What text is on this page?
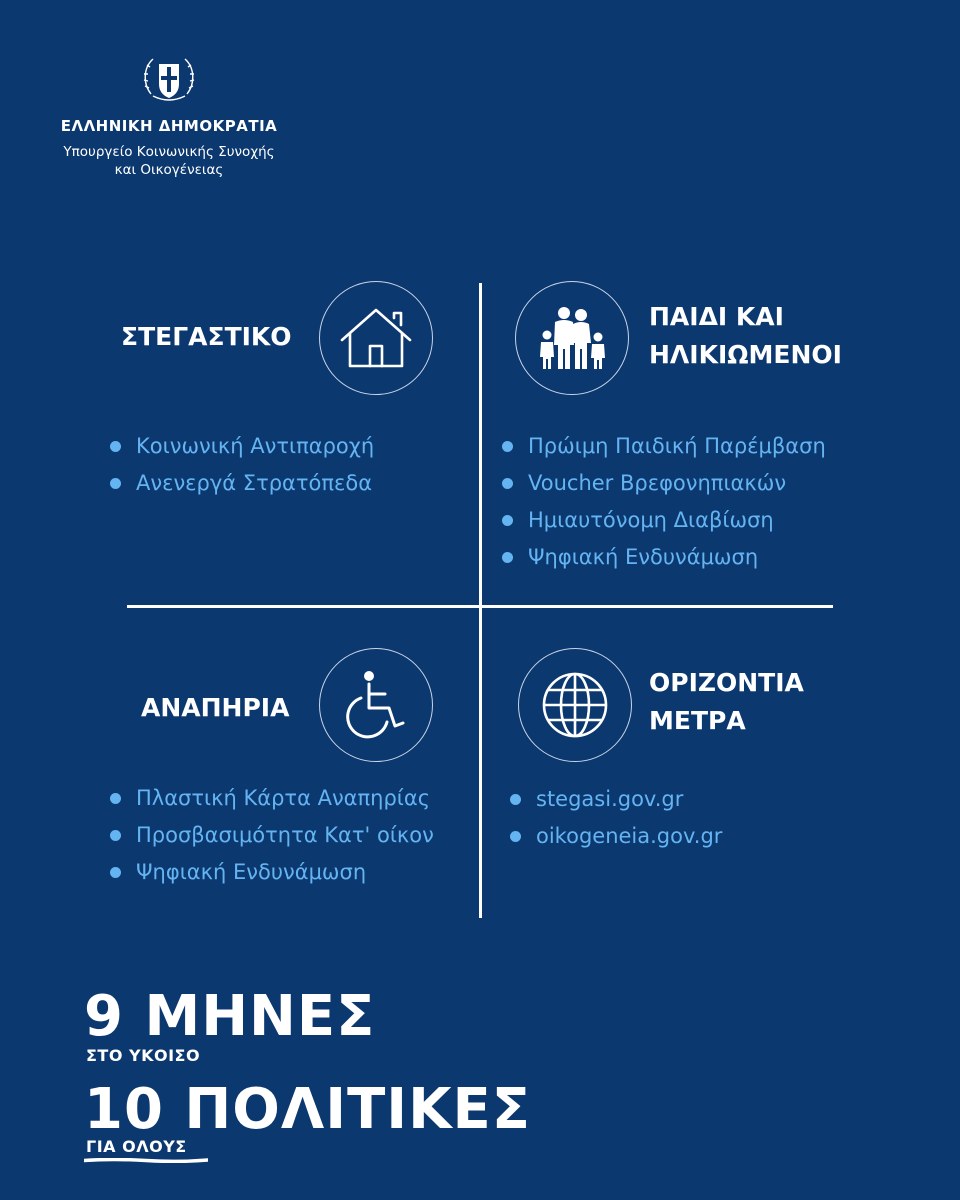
ΕΛΛΗΝΙΚΗ ΔΗΜΟΚΡΑΤΙΑ
Υπουργείο Κοινωνικής Συνοχής
και Οικογένειας
ΣΤΕΓΑΣΤΙΚΟ
Κοινωνική Αντιπαροχή
Ανενεργά Στρατόπεδα
ΠΑΙΔΙ ΚΑΙ
ΗΛΙΚΙΩΜΕΝΟΙ
Πρώιμη Παιδική Παρέμβαση
Voucher Βρεφονηπιακών
Ημιαυτόνομη Διαβίωση
Ψηφιακή Ενδυνάμωση
ΑΝΑΠΗΡΙΑ
Πλαστική Κάρτα Αναπηρίας
Προσβασιμότητα Κατ' οίκον
Ψηφιακή Ενδυνάμωση
ΟΡΙΖΟΝΤΙΑ
ΜΕΤΡΑ
stegasi.gov.gr
oikogeneia.gov.gr
9 ΜΗΝΕΣ
ΣΤΟ ΥΚΟΙΣΟ
10 ΠΟΛΙΤΙΚΕΣ
ΓΙΑ ΟΛΟΥΣ
